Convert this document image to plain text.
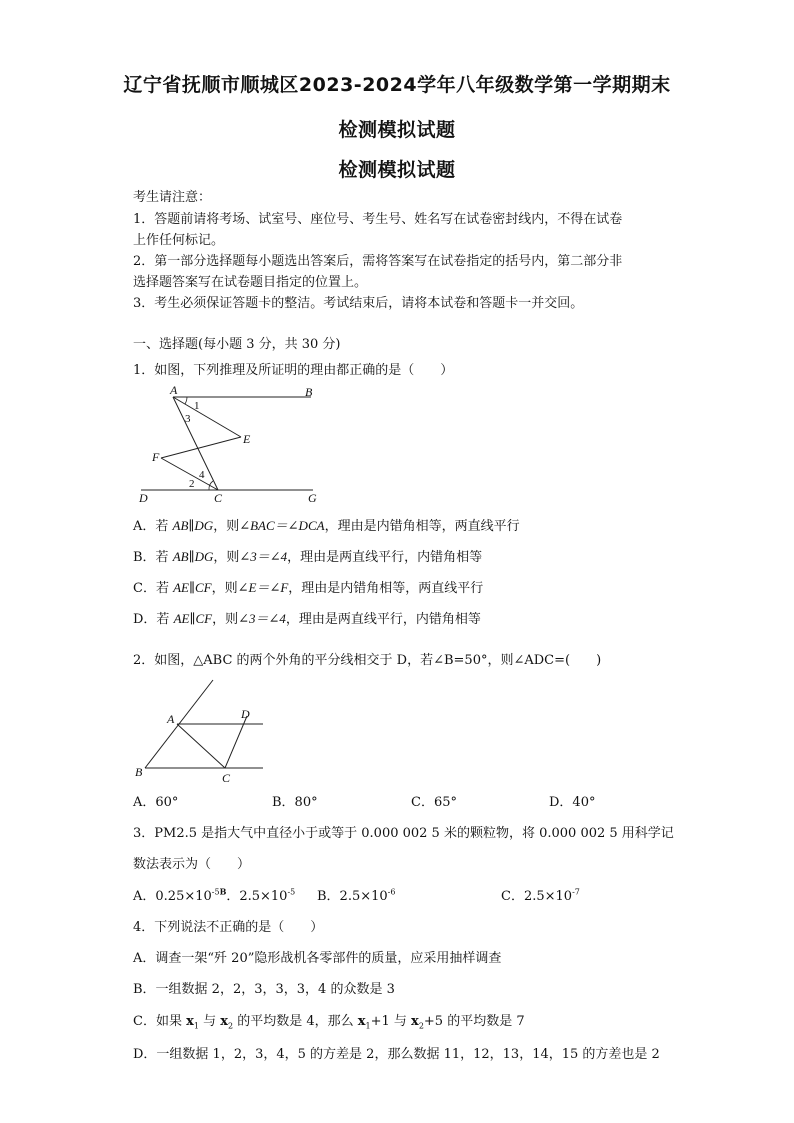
辽宁省抚顺市顺城区2023-2024学年八年级数学第一学期期末
检测模拟试题
检测模拟试题
考生请注意：
1．答题前请将考场、试室号、座位号、考生号、姓名写在试卷密封线内，不得在试卷
上作任何标记。
2．第一部分选择题每小题选出答案后，需将答案写在试卷指定的括号内，第二部分非
选择题答案写在试卷题目指定的位置上。
3．考生必须保证答题卡的整洁。考试结束后，请将本试卷和答题卡一并交回。
一、选择题(每小题 3 分，共 30 分)
1．如图，下列推理及所证明的理由都正确的是（　　）
A	B
C
D
E
F
G
1
3
2
4
A．若 AB∥DG，则∠BAC＝∠DCA，理由是内错角相等，两直线平行
B．若 AB∥DG，则∠3＝∠4，理由是两直线平行，内错角相等
C．若 AE∥CF，则∠E＝∠F，理由是内错角相等，两直线平行
D．若 AE∥CF，则∠3＝∠4，理由是两直线平行，内错角相等
2．如图，△ABC 的两个外角的平分线相交于 D，若∠B=50°，则∠ADC=(　　)
A
B	C
D
A．60°	B．80°	C．65°	D．40°
3．PM2.5 是指大气中直径小于或等于 0.000 002 5 米的颗粒物，将 0.000 002 5 用科学记
数法表示为（　　）
A．$0.25\times 10^{-5B}$．$2.5\times 10^{-5}$ B．$2.5\times 10^{-6}$	C．$2.5\times 10^{-7}$
4．下列说法不正确的是（　　）
A．调查一架“歼 20”隐形战机各零部件的质量，应采用抽样调查
B．一组数据 2，2，3，3，3，4 的众数是 3
C．如果 $x_1$ 与 $x_2$ 的平均数是 4，那么 $x_1+1$ 与 $x_2+5$ 的平均数是 7
D．一组数据 1，2，3，4，5 的方差是 2，那么数据 11，12，13，14，15 的方差也是 2
